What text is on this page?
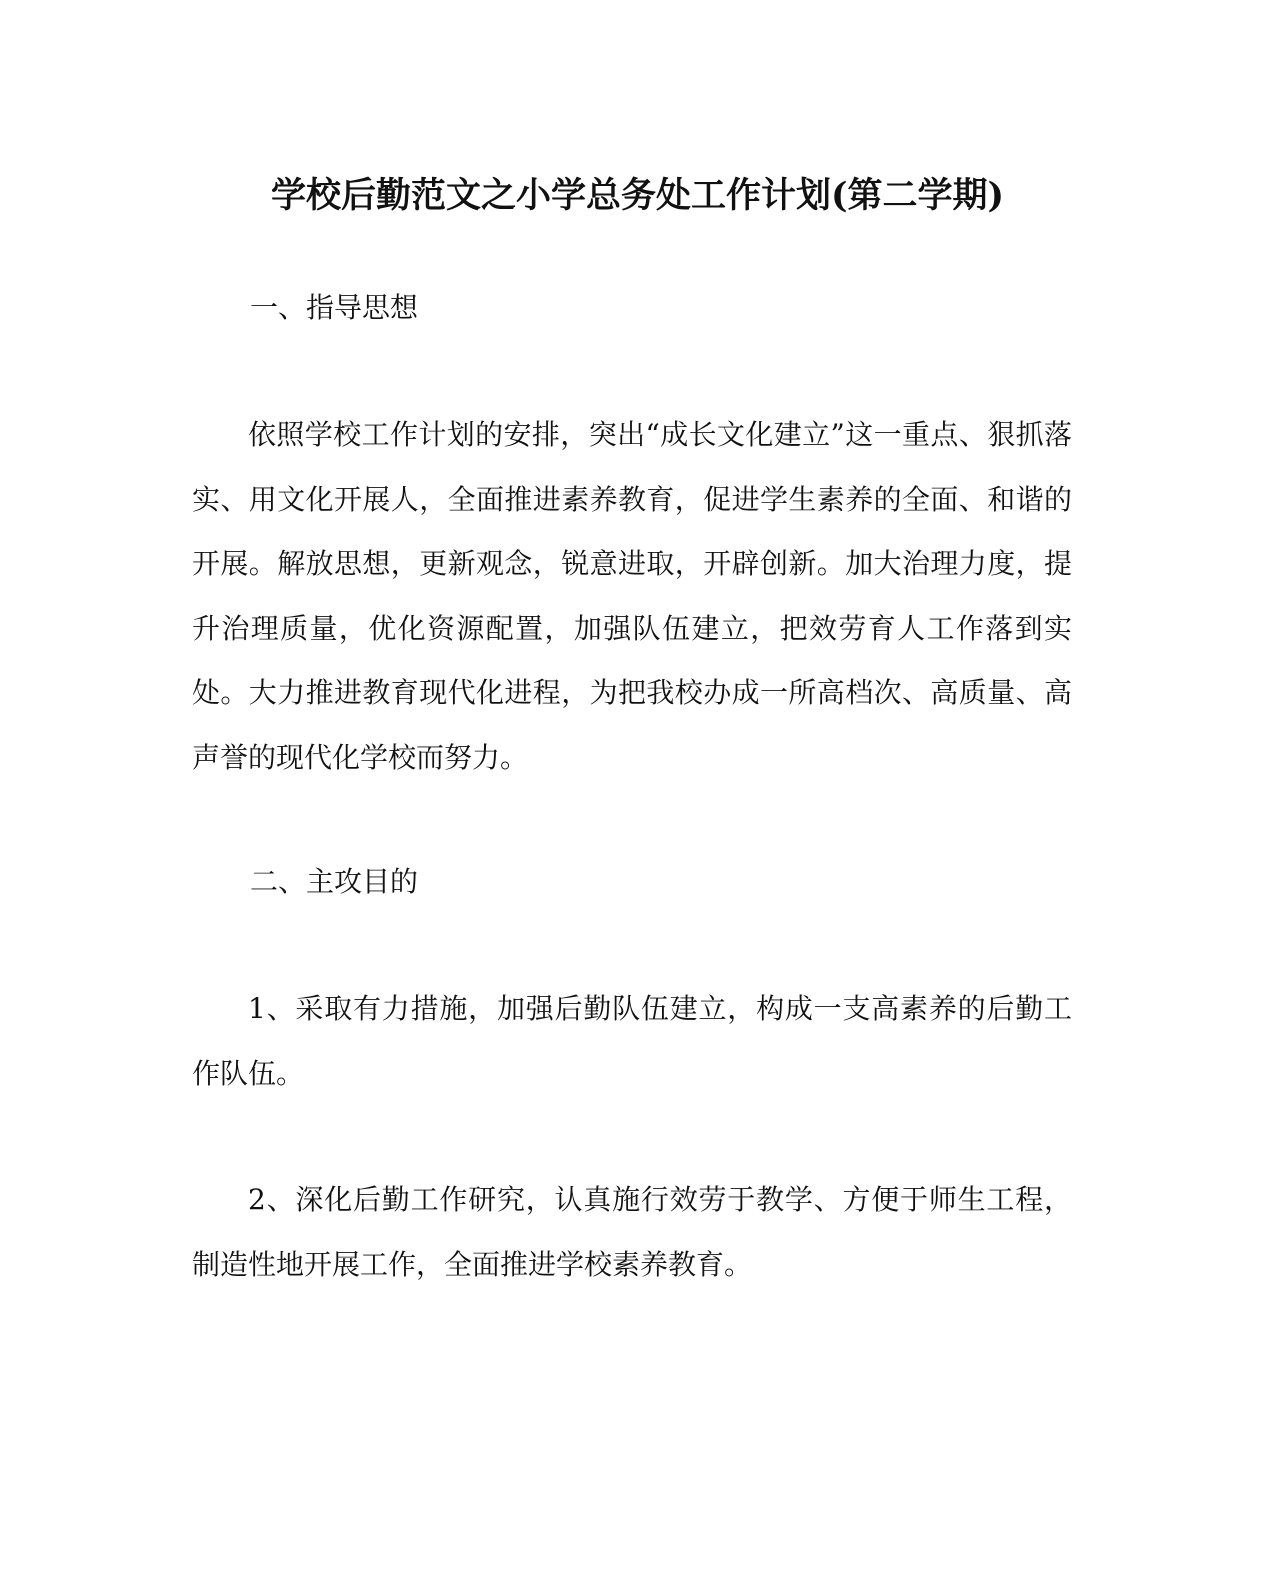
学校后勤范文之小学总务处工作计划(第二学期)
一、指导思想

依照学校工作计划的安排，突出“成长文化建立”这一重点、狠抓落实、用文化开展人，全面推进素养教育，促进学生素养的全面、和谐的开展。解放思想，更新观念，锐意进取，开辟创新。加大治理力度，提升治理质量，优化资源配置，加强队伍建立，把效劳育人工作落到实处。大力推进教育现代化进程，为把我校办成一所高档次、高质量、高声誉的现代化学校而努力。

二、主攻目的

1、采取有力措施，加强后勤队伍建立，构成一支高素养的后勤工作队伍。

2、深化后勤工作研究，认真施行效劳于教学、方便于师生工程，制造性地开展工作，全面推进学校素养教育。
